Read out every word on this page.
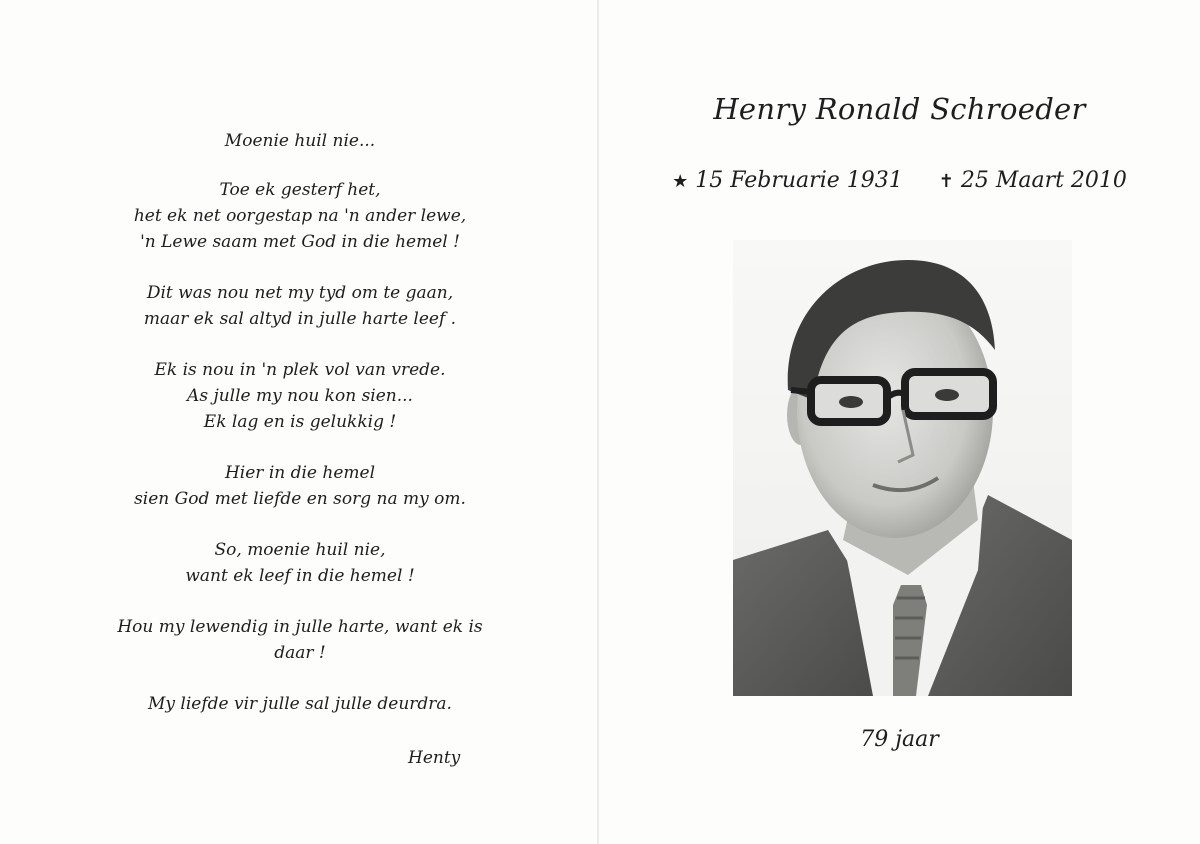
Moenie huil nie...
Toe ek gesterf het,
het ek net oorgestap na 'n ander lewe,
'n Lewe saam met God in die hemel !
Dit was nou net my tyd om te gaan,
maar ek sal altyd in julle harte leef .
Ek is nou in 'n plek vol van vrede.
As julle my nou kon sien...
Ek lag en is gelukkig !
Hier in die hemel
sien God met liefde en sorg na my om.
So, moenie huil nie,
want ek leef in die hemel !
Hou my lewendig in julle harte, want ek is
daar !
My liefde vir julle sal julle deurdra.
Henty
Henry Ronald Schroeder
★ 15 Februarie 1931 ✝ 25 Maart 2010
79 jaar
